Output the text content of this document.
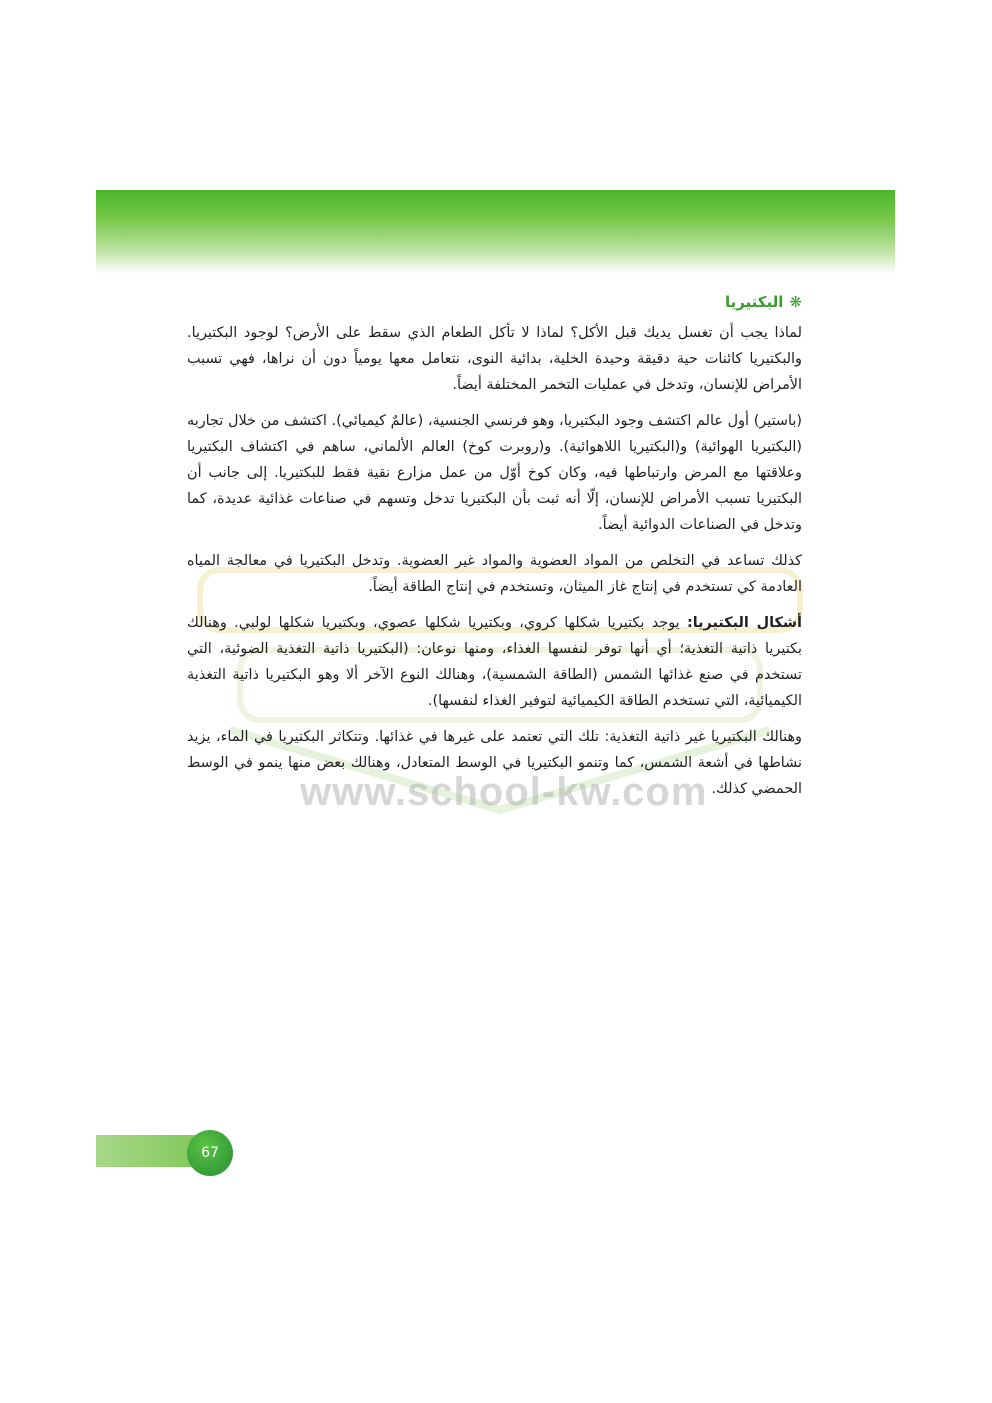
www.school-kw.com
❋البكتيريا

لماذا يجب أن تغسل يديك قبل الأكل؟ لماذا لا تأكل الطعام الذي سقط على الأرض؟ لوجود البكتيريا. والبكتيريا كائنات حية دقيقة وحيدة الخلية، بدائية النوى، نتعامل معها يومياً دون أن نراها، فهي تسبب الأمراض للإنسان، وتدخل في عمليات التخمر المختلفة أيضاً.

(باستير) أول عالم اكتشف وجود البكتيريا، وهو فرنسي الجنسية، (عالمٌ كيميائي). اكتشف من خلال تجاربه (البكتيريا الهوائية) و(البكتيريا اللاهوائية). و(روبرت كوخ) العالم الألماني، ساهم في اكتشاف البكتيريا وعلاقتها مع المرض وارتباطها فيه، وكان كوخ أوّل من عمل مزارع نقية فقط للبكتيريا. إلى جانب أن البكتيريا تسبب الأمراض للإنسان، إلّا أنه ثبت بأن البكتيريا تدخل وتسهم في صناعات غذائية عديدة، كما وتدخل في الصناعات الدوائية أيضاً.

كذلك تساعد في التخلص من المواد العضوية والمواد غير العضوية. وتدخل البكتيريا في معالجة المياه العادمة كي تستخدم في إنتاج غاز الميثان، وتستخدم في إنتاج الطاقة أيضاً.

أشكال البكتيريا: يوجد بكتيريا شكلها كروي، وبكتيريا شكلها عصوي، وبكتيريا شكلها لولبي. وهنالك بكتيريا ذاتية التغذية؛ أي أنها توفر لنفسها الغذاء، ومنها نوعان: (البكتيريا ذاتية التغذية الضوئية، التي تستخدم في صنع غذائها الشمس (الطاقة الشمسية)، وهنالك النوع الآخر ألا وهو البكتيريا ذاتية التغذية الكيميائية، التي تستخدم الطاقة الكيميائية لتوفير الغذاء لنفسها).

وهنالك البكتيريا غير ذاتية التغذية: تلك التي تعتمد على غيرها في غذائها. وتتكاثر البكتيريا في الماء، يزيد نشاطها في أشعة الشمس، كما وتنمو البكتيريا في الوسط المتعادل، وهنالك بعض منها ينمو في الوسط الحمضي كذلك.

67
